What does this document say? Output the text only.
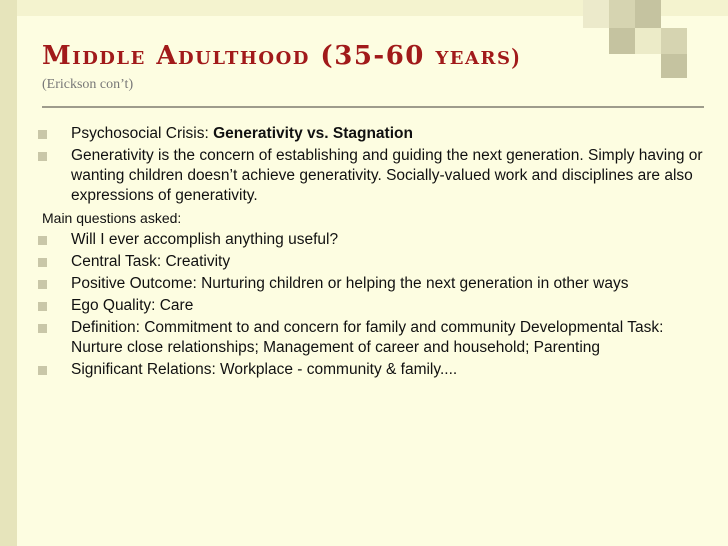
Middle Adulthood (35-60 years)
(Erickson con’t)
Psychosocial Crisis: Generativity vs. Stagnation
Generativity is the concern of establishing and guiding the next generation. Simply having or wanting children doesn’t achieve generativity. Socially-valued work and disciplines are also expressions of generativity.
Main questions asked:
Will I ever accomplish anything useful?
Central Task: Creativity
Positive Outcome: Nurturing children or helping the next generation in other ways
Ego Quality: Care
Definition: Commitment to and concern for family and community Developmental Task: Nurture close relationships; Management of career and household; Parenting
Significant Relations: Workplace - community & family....
